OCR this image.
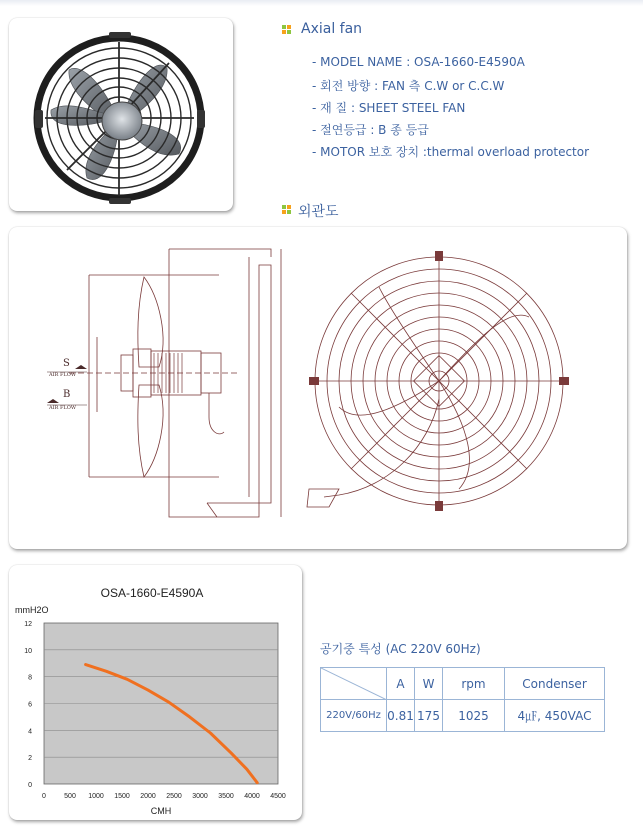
Axial fan
- MODEL NAME : OSA-1660-E4590A
- 회전 방향 : FAN 측 C.W or C.C.W
- 재 질 : SHEET STEEL FAN
- 절연등급 : B 종 등급
- MOTOR 보호 장치 :thermal overload protector
외관도
S
AIR FLOW
B
AIR FLOW
OSA-1660-E4590A
mmH2O
CMH
0
2
4
6
8
10
12
0	500 1000 1500 2000 2500 3000 3500 4000 4500
공기중 특성 (AC 220V 60Hz)
	A	W	rpm	Condenser
220V/60Hz	0.81	175	1025	4㎌, 450VAC
